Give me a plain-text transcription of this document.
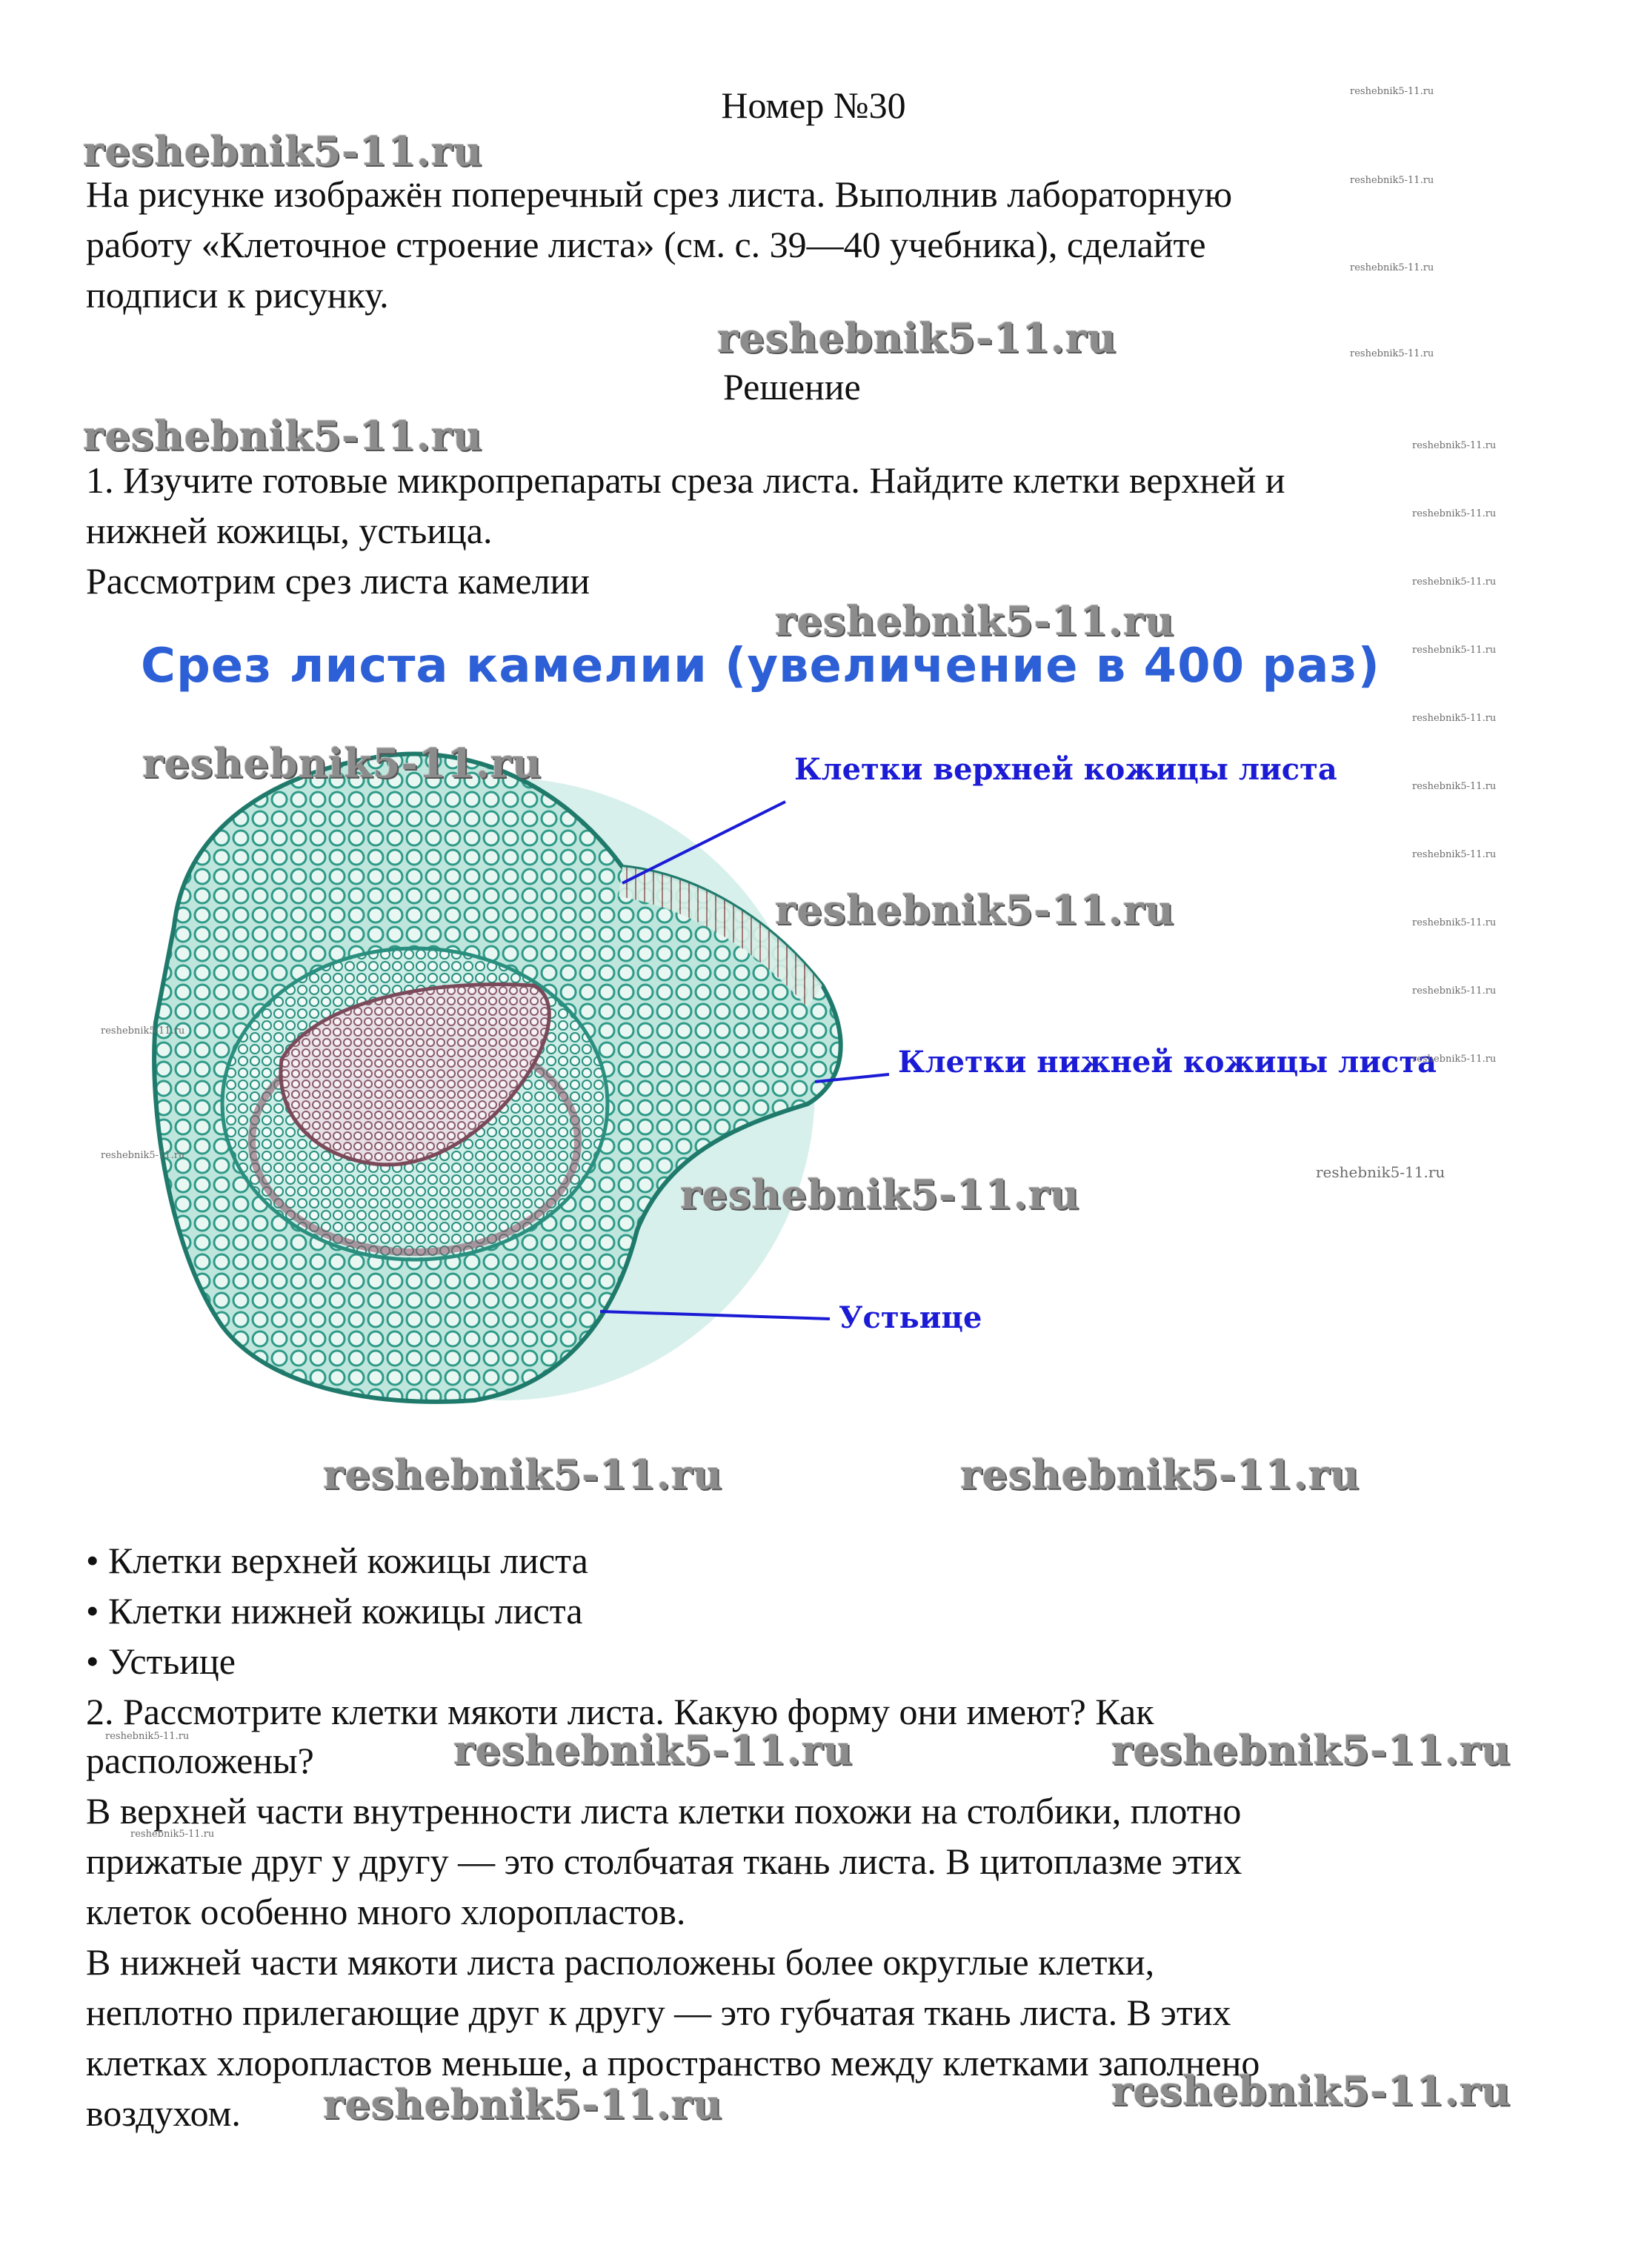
Номер №30
На рисунке изображён поперечный срез листа. Выполнив лабораторную
работу «Клеточное строение листа» (см. с. 39—40 учебника), сделайте
подписи к рисунку.
Решение
1. Изучите готовые микропрепараты среза листа. Найдите клетки верхней и
нижней кожицы, устьица.
Рассмотрим срез листа камелии
Срез листа камелии (увеличение в 400 раз)
Клетки верхней кожицы листа
Клетки нижней кожицы листа
Устьице
• Клетки верхней кожицы листа
• Клетки нижней кожицы листа
• Устьице
2. Рассмотрите клетки мякоти листа. Какую форму они имеют? Как
расположены?
В верхней части внутренности листа клетки похожи на столбики, плотно
прижатые друг у другу — это столбчатая ткань листа. В цитоплазме этих
клеток особенно много хлоропластов.
В нижней части мякоти листа расположены более округлые клетки,
неплотно прилегающие друг к другу — это губчатая ткань листа. В этих
клетках хлоропластов меньше, а пространство между клетками заполнено
воздухом.
reshebnik5-11.ru
reshebnik5-11.ru
reshebnik5-11.ru
reshebnik5-11.ru
reshebnik5-11.ru
reshebnik5-11.ru
reshebnik5-11.ru
reshebnik5-11.ru	reshebnik5-11.ru
reshebnik5-11.ru	reshebnik5-11.ru
reshebnik5-11.ru	reshebnik5-11.ru
reshebnik5-11.ru
reshebnik5-11.ru
reshebnik5-11.ru
reshebnik5-11.ru
reshebnik5-11.ru
reshebnik5-11.ru
reshebnik5-11.ru
reshebnik5-11.ru
reshebnik5-11.ru
reshebnik5-11.ru
reshebnik5-11.ru
reshebnik5-11.ru
reshebnik5-11.ru
reshebnik5-11.ru
reshebnik5-11.ru
reshebnik5-11.ru
reshebnik5-11.ru
reshebnik5-11.ru
reshebnik5-11.ru
